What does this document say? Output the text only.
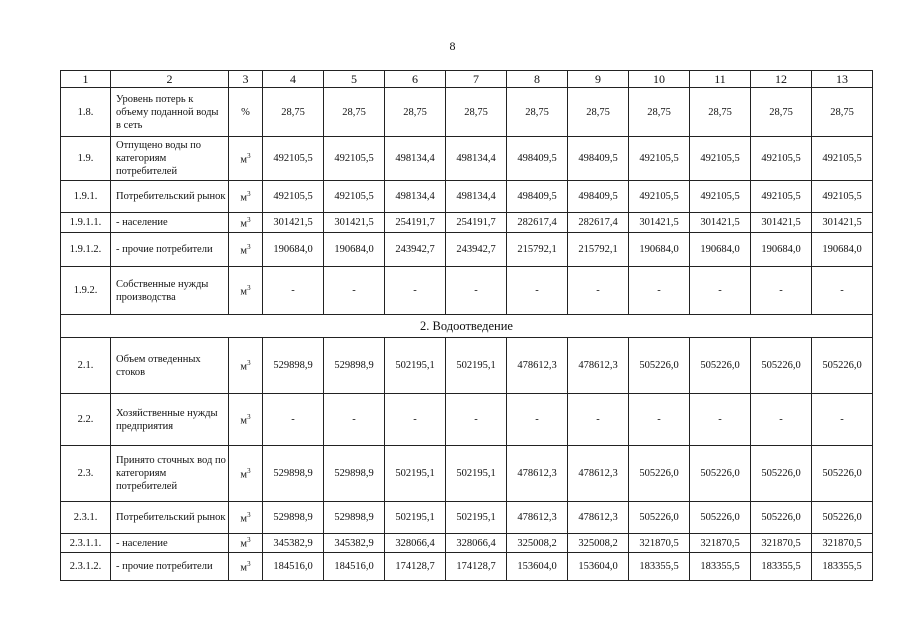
8
1	2	3	4	5	6	7	8	9	10	11	12	13
1.8.	Уровень потерь к объему поданной воды в сеть	%	28,75	28,75	28,75	28,75	28,75	28,75	28,75	28,75	28,75	28,75
1.9.	Отпущено воды по категориям потребителей	$м^3$	492105,5	492105,5	498134,4	498134,4	498409,5	498409,5	492105,5	492105,5	492105,5	492105,5
1.9.1.	Потребительский рынок	$м^3$	492105,5	492105,5	498134,4	498134,4	498409,5	498409,5	492105,5	492105,5	492105,5	492105,5
1.9.1.1.	- население	$м^3$	301421,5	301421,5	254191,7	254191,7	282617,4	282617,4	301421,5	301421,5	301421,5	301421,5
1.9.1.2.	- прочие потребители	$м^3$	190684,0	190684,0	243942,7	243942,7	215792,1	215792,1	190684,0	190684,0	190684,0	190684,0
1.9.2.	Собственные нужды производства	$м^3$	-	-	-	-	-	-	-	-	-	-
2. Водоотведение												
2.1.	Объем отведенных стоков	$м^3$	529898,9	529898,9	502195,1	502195,1	478612,3	478612,3	505226,0	505226,0	505226,0	505226,0
2.2.	Хозяйственные нужды предприятия	$м^3$	-	-	-	-	-	-	-	-	-	-
2.3.	Принято сточных вод по категориям потребителей	$м^3$	529898,9	529898,9	502195,1	502195,1	478612,3	478612,3	505226,0	505226,0	505226,0	505226,0
2.3.1.	Потребительский рынок	$м^3$	529898,9	529898,9	502195,1	502195,1	478612,3	478612,3	505226,0	505226,0	505226,0	505226,0
2.3.1.1.	- население	$м^3$	345382,9	345382,9	328066,4	328066,4	325008,2	325008,2	321870,5	321870,5	321870,5	321870,5
2.3.1.2.	- прочие потребители	$м^3$	184516,0	184516,0	174128,7	174128,7	153604,0	153604,0	183355,5	183355,5	183355,5	183355,5
